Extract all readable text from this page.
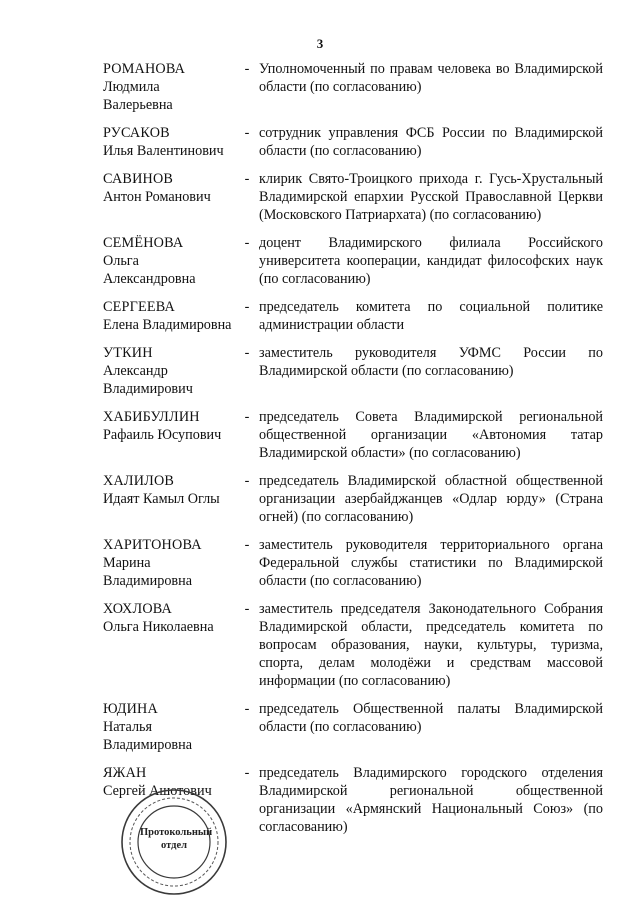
3
РОМАНОВА
Людмила
Валерьевна
- Уполномоченный по правам человека во Владимирской области (по согласованию)
РУСАКОВ
Илья Валентинович
- сотрудник управления ФСБ России по Владимирской области (по согласованию)
САВИНОВ
Антон Романович
- клирик Свято-Троицкого прихода г. Гусь-Хрустальный Владимирской епархии Русской Православной Церкви (Московского Патриархата) (по согласованию)
СЕМЁНОВА
Ольга
Александровна
- доцент Владимирского филиала Российского университета кооперации, кандидат философских наук (по согласованию)
СЕРГЕЕВА
Елена Владимировна
- председатель комитета по социальной политике администрации области
УТКИН
Александр
Владимирович
- заместитель руководителя УФМС России по Владимирской области (по согласованию)
ХАБИБУЛЛИН
Рафаиль Юсупович
- председатель Совета Владимирской региональной общественной организации «Автономия татар Владимирской области» (по согласованию)
ХАЛИЛОВ
Идаят Камыл Оглы
- председатель Владимирской областной общественной организации азербайджанцев «Одлар юрду» (Страна огней) (по согласованию)
ХАРИТОНОВА
Марина
Владимировна
- заместитель руководителя территориального органа Федеральной службы статистики по Владимирской области (по согласованию)
ХОХЛОВА
Ольга Николаевна
- заместитель председателя Законодательного Собрания Владимирской области, председатель комитета по вопросам образования, науки, культуры, туризма, спорта, делам молодёжи и средствам массовой информации (по согласованию)
ЮДИНА
Наталья
Владимировна
- председатель Общественной палаты Владимирской области (по согласованию)
ЯЖАН
Сергей Ашотович
- председатель Владимирского городского отделения Владимирской региональной общественной организации «Армянский Национальный Союз» (по согласованию)
Протокольный
отдел
